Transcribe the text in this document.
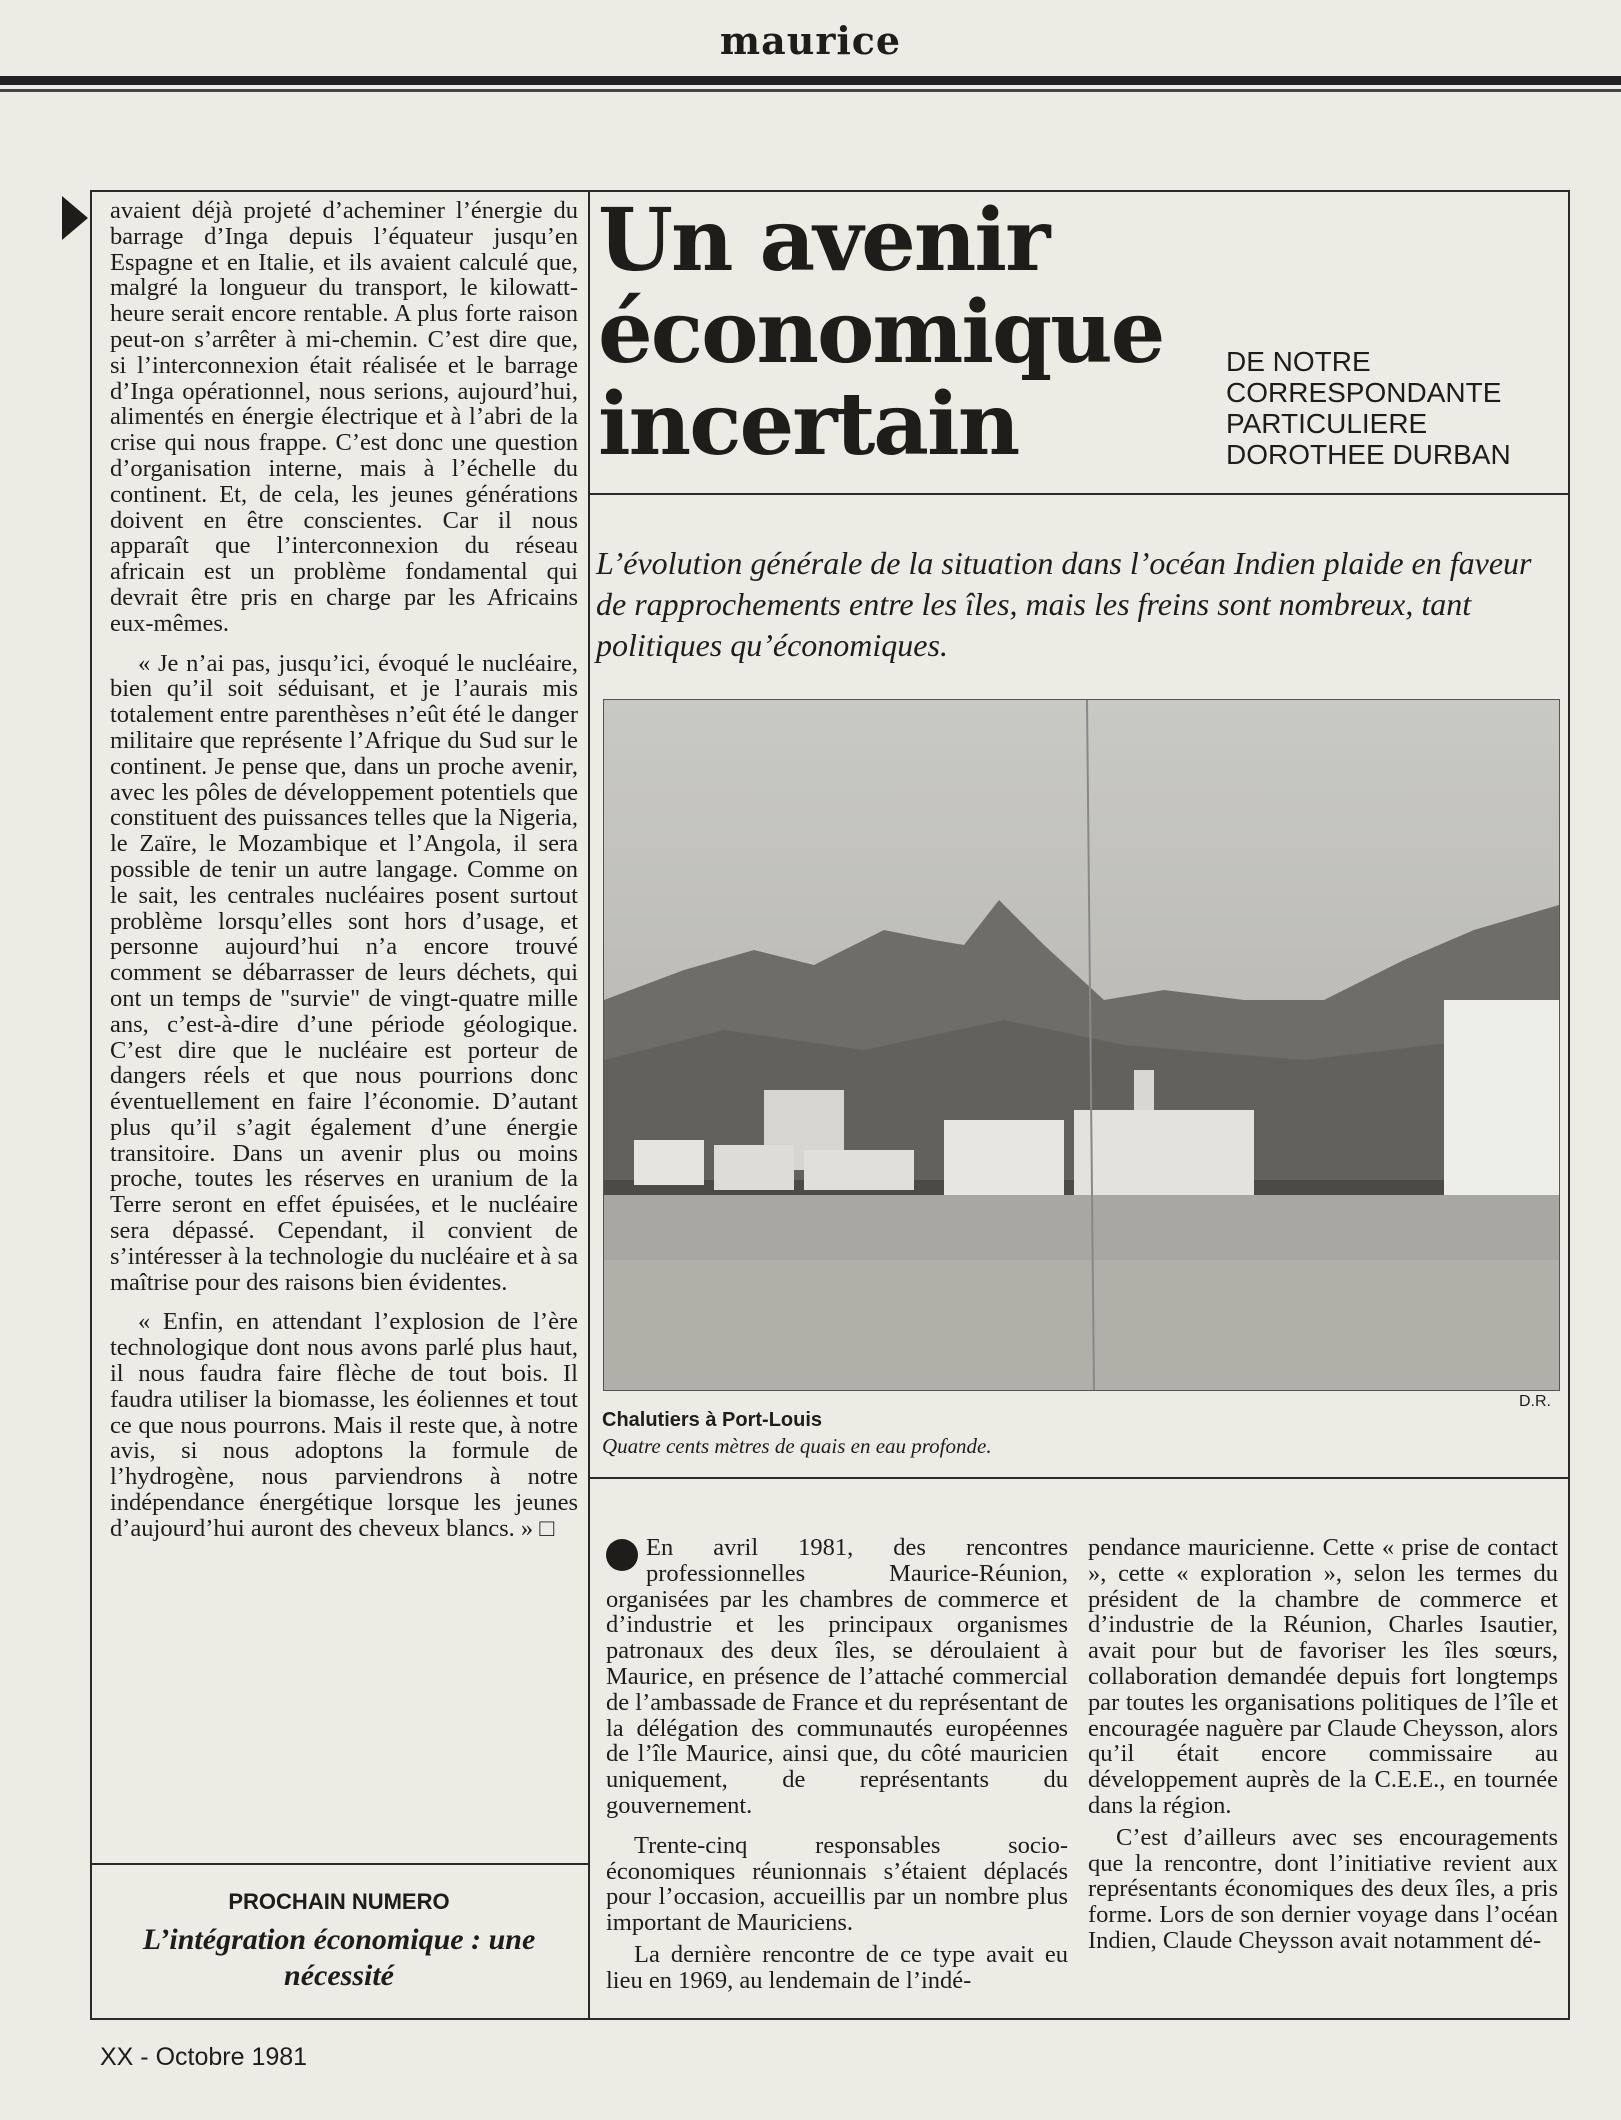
maurice

avaient déjà projeté d’acheminer l’énergie du barrage d’Inga depuis l’équateur jusqu’en Espagne et en Italie, et ils avaient calculé que, malgré la longueur du transport, le kilowatt-heure serait encore rentable. A plus forte raison peut-on s’arrêter à mi-chemin. C’est dire que, si l’interconnexion était réalisée et le barrage d’Inga opérationnel, nous serions, aujourd’hui, alimentés en énergie électrique et à l’abri de la crise qui nous frappe. C’est donc une question d’organisation interne, mais à l’échelle du continent. Et, de cela, les jeunes générations doivent en être conscientes. Car il nous apparaît que l’interconnexion du réseau africain est un problème fondamental qui devrait être pris en charge par les Africains eux-mêmes.

« Je n’ai pas, jusqu’ici, évoqué le nucléaire, bien qu’il soit séduisant, et je l’aurais mis totalement entre parenthèses n’eût été le danger militaire que représente l’Afrique du Sud sur le continent. Je pense que, dans un proche avenir, avec les pôles de développement potentiels que constituent des puissances telles que la Nigeria, le Zaïre, le Mozambique et l’Angola, il sera possible de tenir un autre langage. Comme on le sait, les centrales nucléaires posent surtout problème lorsqu’elles sont hors d’usage, et personne aujourd’hui n’a encore trouvé comment se débarrasser de leurs déchets, qui ont un temps de "survie" de vingt-quatre mille ans, c’est-à-dire d’une période géologique. C’est dire que le nucléaire est porteur de dangers réels et que nous pourrions donc éventuellement en faire l’économie. D’autant plus qu’il s’agit également d’une énergie transitoire. Dans un avenir plus ou moins proche, toutes les réserves en uranium de la Terre seront en effet épuisées, et le nucléaire sera dépassé. Cependant, il convient de s’intéresser à la technologie du nucléaire et à sa maîtrise pour des raisons bien évidentes.

« Enfin, en attendant l’explosion de l’ère technologique dont nous avons parlé plus haut, il nous faudra faire flèche de tout bois. Il faudra utiliser la biomasse, les éoliennes et tout ce que nous pourrons. Mais il reste que, à notre avis, si nous adoptons la formule de l’hydrogène, nous parviendrons à notre indépendance énergétique lorsque les jeunes d’aujourd’hui auront des cheveux blancs. » □

PROCHAIN NUMERO
L’intégration économique : une nécessité
Un avenir
économique
incertain
DE NOTRE
CORRESPONDANTE
PARTICULIERE
DOROTHEE DURBAN
L’évolution générale de la situation dans l’océan Indien plaide en faveur de rapprochements entre les îles, mais les freins sont nombreux, tant politiques qu’économiques.
D.R.
Chalutiers à Port-Louis
Quatre cents mètres de quais en eau profonde.

En avril 1981, des rencontres professionnelles Maurice-Réunion, organisées par les chambres de commerce et d’industrie et les principaux organismes patronaux des deux îles, se déroulaient à Maurice, en présence de l’attaché commercial de l’ambassade de France et du représentant de la délégation des communautés européennes de l’île Maurice, ainsi que, du côté mauricien uniquement, de représentants du gouvernement.

Trente-cinq responsables socio-économiques réunionnais s’étaient déplacés pour l’occasion, accueillis par un nombre plus important de Mauriciens.

La dernière rencontre de ce type avait eu lieu en 1969, au lendemain de l’indé-

pendance mauricienne. Cette « prise de contact », cette « exploration », selon les termes du président de la chambre de commerce et d’industrie de la Réunion, Charles Isautier, avait pour but de favoriser les îles sœurs, collaboration demandée depuis fort longtemps par toutes les organisations politiques de l’île et encouragée naguère par Claude Cheysson, alors qu’il était encore commissaire au développement auprès de la C.E.E., en tournée dans la région.

C’est d’ailleurs avec ses encouragements que la rencontre, dont l’initiative revient aux représentants économiques des deux îles, a pris forme. Lors de son dernier voyage dans l’océan Indien, Claude Cheysson avait notamment dé-

XX - Octobre 1981
